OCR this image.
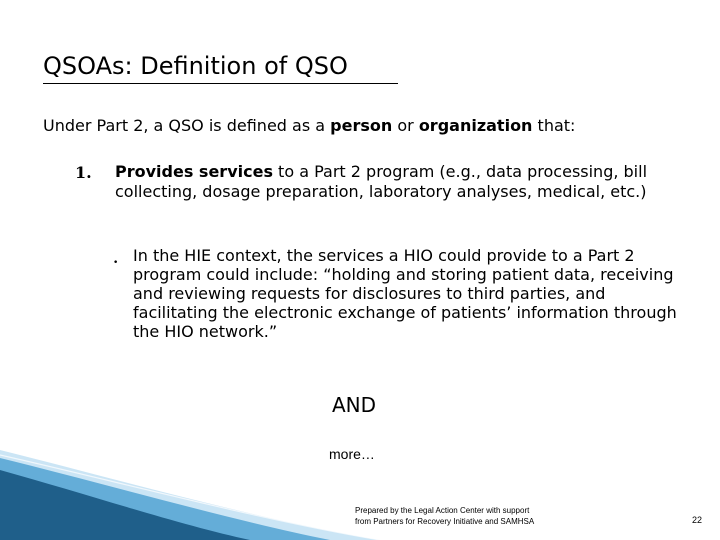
QSOAs: Definition of QSO
Under Part 2, a QSO is defined as a person or organization that:
1. Provides services to a Part 2 program (e.g., data processing, bill collecting, dosage preparation, laboratory analyses, medical, etc.)
• In the HIE context, the services a HIO could provide to a Part 2 program could include: “holding and storing patient data, receiving and reviewing requests for disclosures to third parties, and facilitating the electronic exchange of patients’ information through the HIO network.”
AND
more…
Prepared by the Legal Action Center with support
from Partners for Recovery Initiative and SAMHSA	22
